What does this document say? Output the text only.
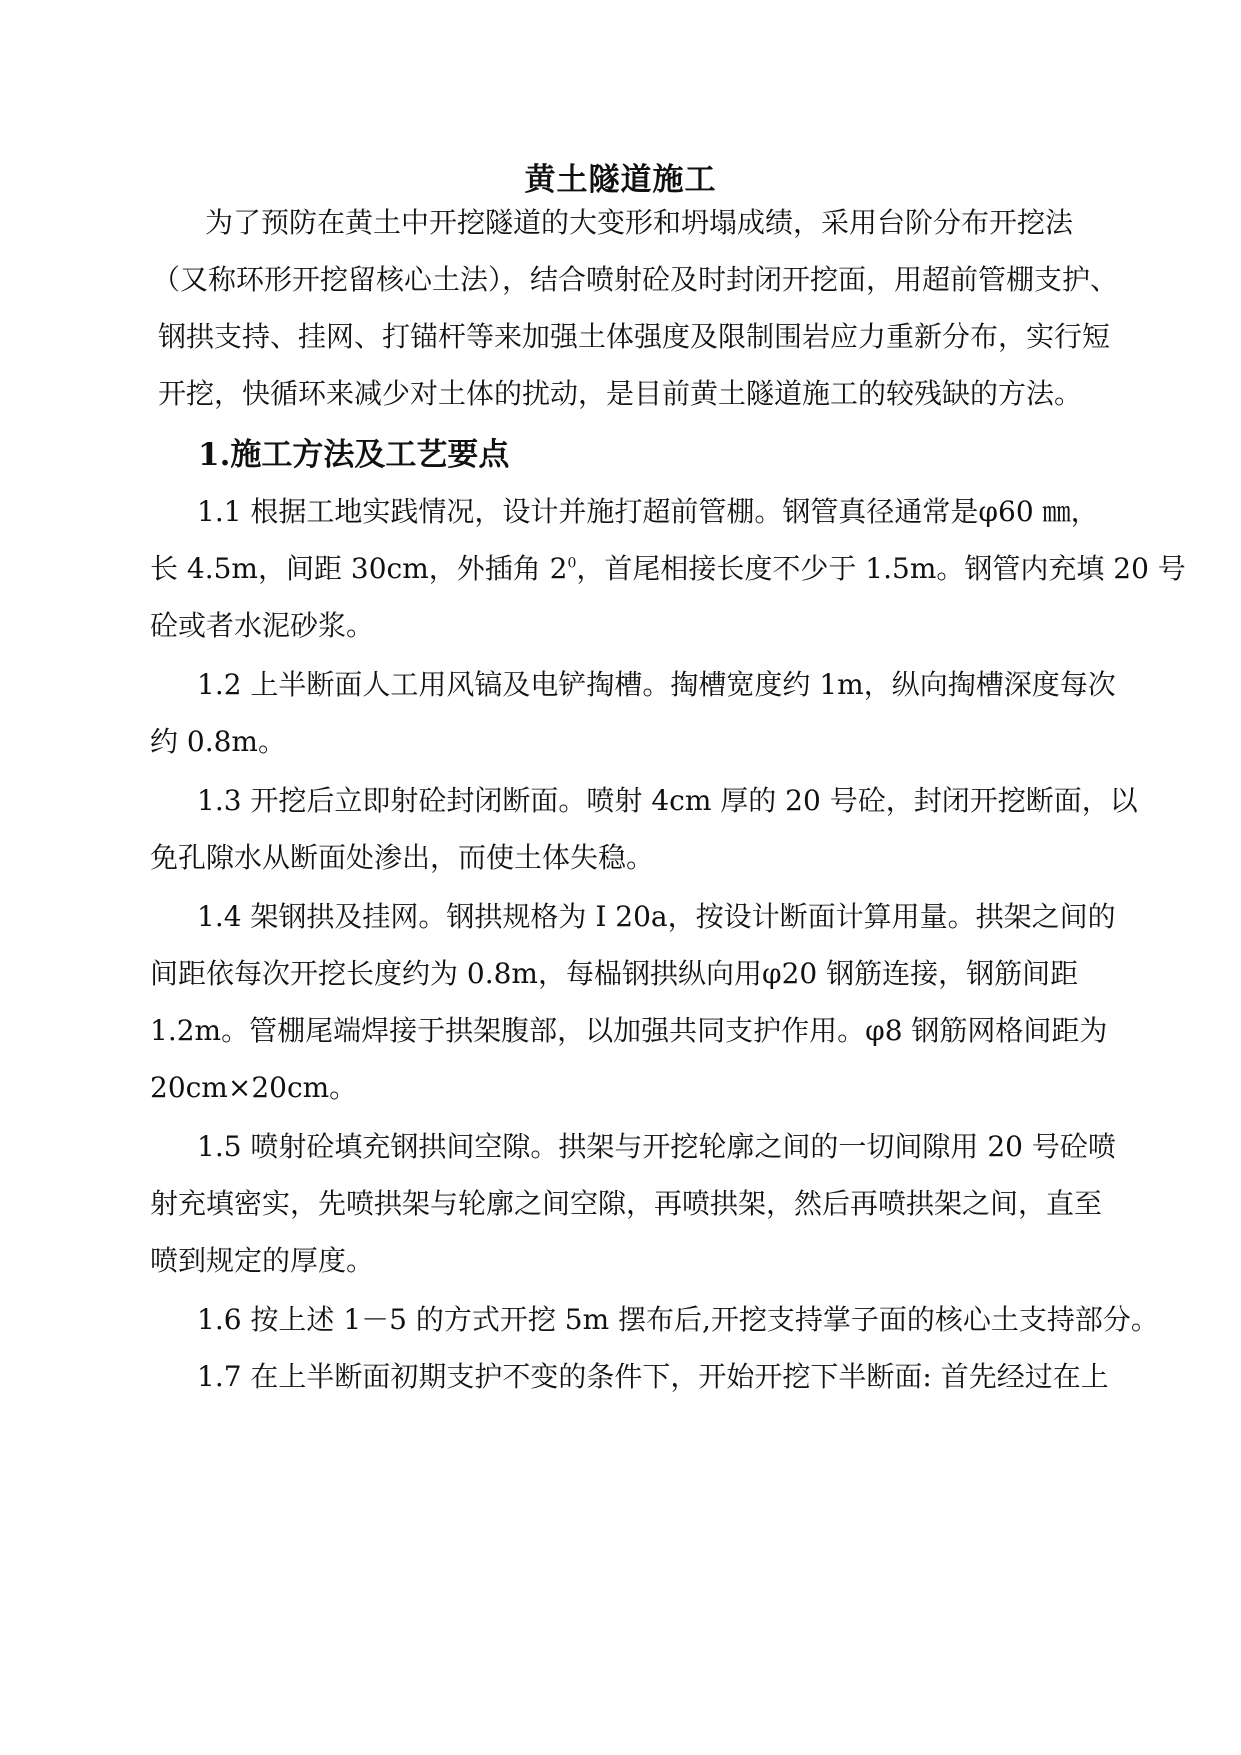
黄土隧道施工
为了预防在黄土中开挖隧道的大变形和坍塌成绩，采用台阶分布开挖法
（又称环形开挖留核心土法），结合喷射砼及时封闭开挖面，用超前管棚支护、
钢拱支持、挂网、打锚杆等来加强土体强度及限制围岩应力重新分布，实行短
开挖，快循环来减少对土体的扰动，是目前黄土隧道施工的较残缺的方法。
1.施工方法及工艺要点
1.1 根据工地实践情况，设计并施打超前管棚。钢管真径通常是φ60 ㎜，
长 4.5m，间距 30cm，外插角 $2^0$，首尾相接长度不少于 1.5m。钢管内充填 20 号
砼或者水泥砂浆。
1.2 上半断面人工用风镐及电铲掏槽。掏槽宽度约 1m，纵向掏槽深度每次
约 0.8m。
1.3 开挖后立即射砼封闭断面。喷射 4cm 厚的 20 号砼，封闭开挖断面，以
免孔隙水从断面处渗出，而使土体失稳。
1.4 架钢拱及挂网。钢拱规格为 I 20a，按设计断面计算用量。拱架之间的
间距依每次开挖长度约为 0.8m，每榀钢拱纵向用φ20 钢筋连接，钢筋间距
1.2m。管棚尾端焊接于拱架腹部，以加强共同支护作用。φ8 钢筋网格间距为
20cm×20cm。
1.5 喷射砼填充钢拱间空隙。拱架与开挖轮廓之间的一切间隙用 20 号砼喷
射充填密实，先喷拱架与轮廓之间空隙，再喷拱架，然后再喷拱架之间，直至
喷到规定的厚度。
1.6 按上述 1－5 的方式开挖 5m 摆布后,开挖支持掌子面的核心土支持部分。
1.7 在上半断面初期支护不变的条件下，开始开挖下半断面: 首先经过在上
